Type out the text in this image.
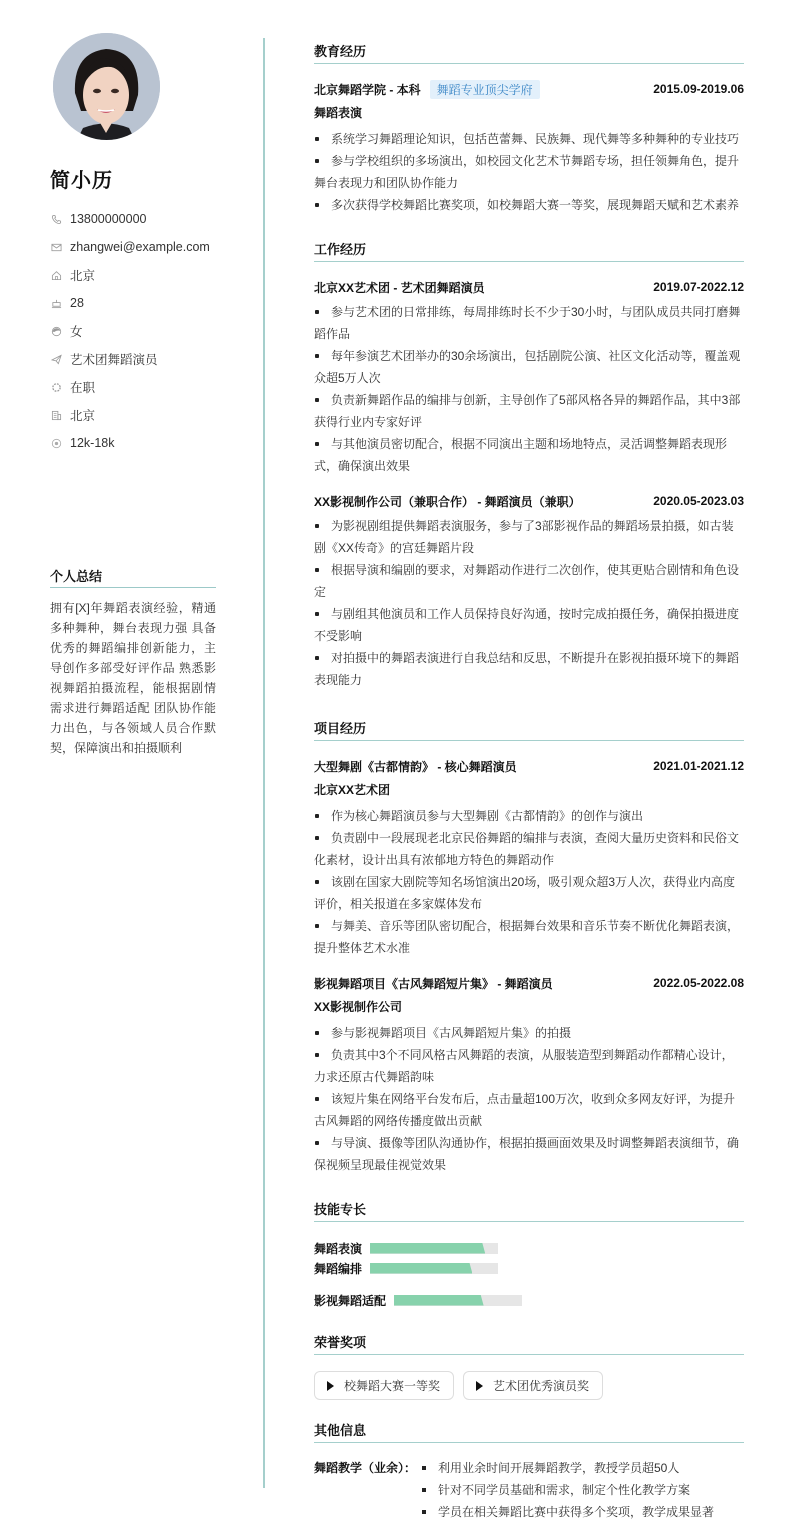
简小历
13800000000
zhangwei@example.com
北京
28
女
艺术团舞蹈演员
在职
北京
12k-18k
个人总结
拥有[X]年舞蹈表演经验，精通多种舞种，舞台表现力强 具备优秀的舞蹈编排创新能力，主导创作多部受好评作品 熟悉影视舞蹈拍摄流程，能根据剧情需求进行舞蹈适配 团队协作能力出色，与各领域人员合作默契，保障演出和拍摄顺利
教育经历
北京舞蹈学院 - 本科	舞蹈专业顶尖学府	2015.09-2019.06
舞蹈表演
系统学习舞蹈理论知识，包括芭蕾舞、民族舞、现代舞等多种舞种的专业技巧
参与学校组织的多场演出，如校园文化艺术节舞蹈专场，担任领舞角色，提升舞台表现力和团队协作能力
多次获得学校舞蹈比赛奖项，如校舞蹈大赛一等奖，展现舞蹈天赋和艺术素养
工作经历
北京XX艺术团 - 艺术团舞蹈演员	2019.07-2022.12
参与艺术团的日常排练，每周排练时长不少于30小时，与团队成员共同打磨舞蹈作品
每年参演艺术团举办的30余场演出，包括剧院公演、社区文化活动等，覆盖观众超5万人次
负责新舞蹈作品的编排与创新，主导创作了5部风格各异的舞蹈作品，其中3部获得行业内专家好评
与其他演员密切配合，根据不同演出主题和场地特点，灵活调整舞蹈表现形式，确保演出效果
XX影视制作公司（兼职合作） - 舞蹈演员（兼职）	2020.05-2023.03
为影视剧组提供舞蹈表演服务，参与了3部影视作品的舞蹈场景拍摄，如古装剧《XX传奇》的宫廷舞蹈片段
根据导演和编剧的要求，对舞蹈动作进行二次创作，使其更贴合剧情和角色设定
与剧组其他演员和工作人员保持良好沟通，按时完成拍摄任务，确保拍摄进度不受影响
对拍摄中的舞蹈表演进行自我总结和反思，不断提升在影视拍摄环境下的舞蹈表现能力
项目经历
大型舞剧《古都情韵》 - 核心舞蹈演员	2021.01-2021.12
北京XX艺术团
作为核心舞蹈演员参与大型舞剧《古都情韵》的创作与演出
负责剧中一段展现老北京民俗舞蹈的编排与表演，查阅大量历史资料和民俗文化素材，设计出具有浓郁地方特色的舞蹈动作
该剧在国家大剧院等知名场馆演出20场，吸引观众超3万人次，获得业内高度评价，相关报道在多家媒体发布
与舞美、音乐等团队密切配合，根据舞台效果和音乐节奏不断优化舞蹈表演，提升整体艺术水准
影视舞蹈项目《古风舞蹈短片集》 - 舞蹈演员	2022.05-2022.08
XX影视制作公司
参与影视舞蹈项目《古风舞蹈短片集》的拍摄
负责其中3个不同风格古风舞蹈的表演，从服装造型到舞蹈动作都精心设计，力求还原古代舞蹈韵味
该短片集在网络平台发布后，点击量超100万次，收到众多网友好评，为提升古风舞蹈的网络传播度做出贡献
与导演、摄像等团队沟通协作，根据拍摄画面效果及时调整舞蹈表演细节，确保视频呈现最佳视觉效果
技能专长
舞蹈表演
舞蹈编排
影视舞蹈适配
荣誉奖项
校舞蹈大赛一等奖	艺术团优秀演员奖
其他信息
舞蹈教学（业余）：	利用业余时间开展舞蹈教学，教授学员超50人
针对不同学员基础和需求，制定个性化教学方案
学员在相关舞蹈比赛中获得多个奖项，教学成果显著
